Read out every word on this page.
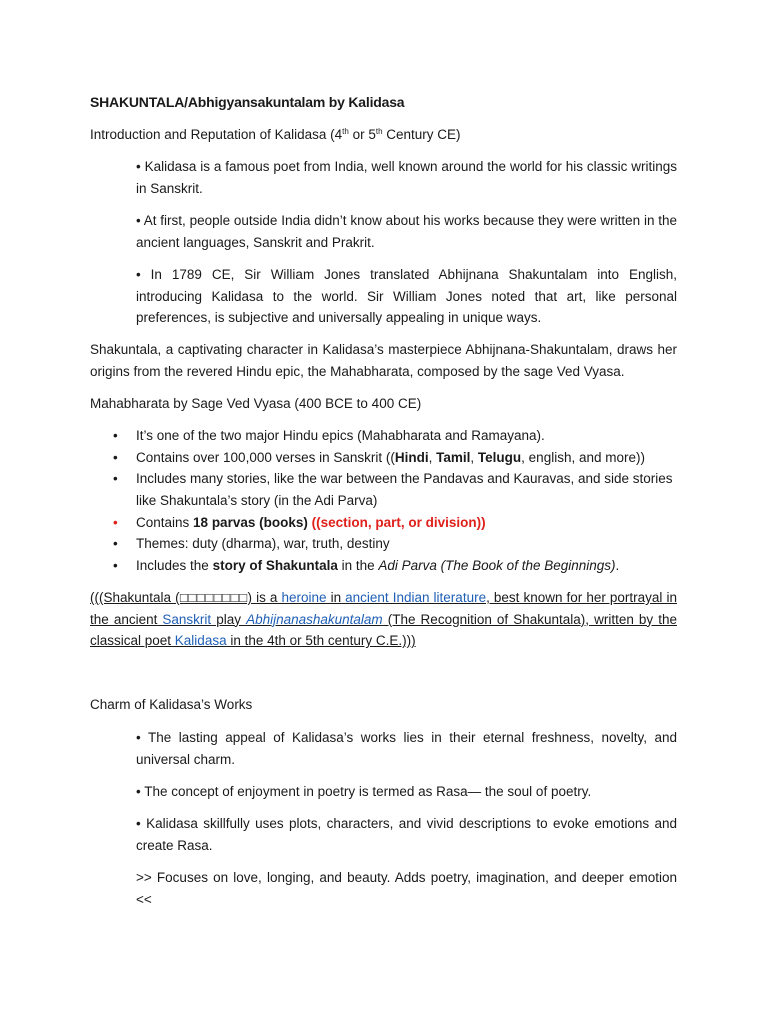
SHAKUNTALA/Abhigyansakuntalam by Kalidasa

Introduction and Reputation of Kalidasa (4th or 5th Century CE)

• Kalidasa is a famous poet from India, well known around the world for his classic writings in Sanskrit.

• At first, people outside India didn’t know about his works because they were written in the ancient languages, Sanskrit and Prakrit.

• In 1789 CE, Sir William Jones translated Abhijnana Shakuntalam into English, introducing Kalidasa to the world. Sir William Jones noted that art, like personal preferences, is subjective and universally appealing in unique ways.

Shakuntala, a captivating character in Kalidasa’s masterpiece Abhijnana-Shakuntalam, draws her origins from the revered Hindu epic, the Mahabharata, composed by the sage Ved Vyasa.

Mahabharata by Sage Ved Vyasa (400 BCE to 400 CE)

• It’s one of the two major Hindu epics (Mahabharata and Ramayana).
• Contains over 100,000 verses in Sanskrit ((Hindi, Tamil, Telugu, english, and more))
• Includes many stories, like the war between the Pandavas and Kauravas, and side stories like Shakuntala’s story (in the Adi Parva)
• Contains 18 parvas (books) ((section, part, or division))
• Themes: duty (dharma), war, truth, destiny
• Includes the story of Shakuntala in the Adi Parva (The Book of the Beginnings).

(((Shakuntala (□□□□□□□□) is a heroine in ancient Indian literature, best known for her portrayal in the ancient Sanskrit play Abhijnanashakuntalam (The Recognition of Shakuntala), written by the classical poet Kalidasa in the 4th or 5th century C.E.)))

Charm of Kalidasa’s Works

• The lasting appeal of Kalidasa’s works lies in their eternal freshness, novelty, and universal charm.

• The concept of enjoyment in poetry is termed as Rasa— the soul of poetry.

• Kalidasa skillfully uses plots, characters, and vivid descriptions to evoke emotions and create Rasa.

>> Focuses on love, longing, and beauty. Adds poetry, imagination, and deeper emotion <<
